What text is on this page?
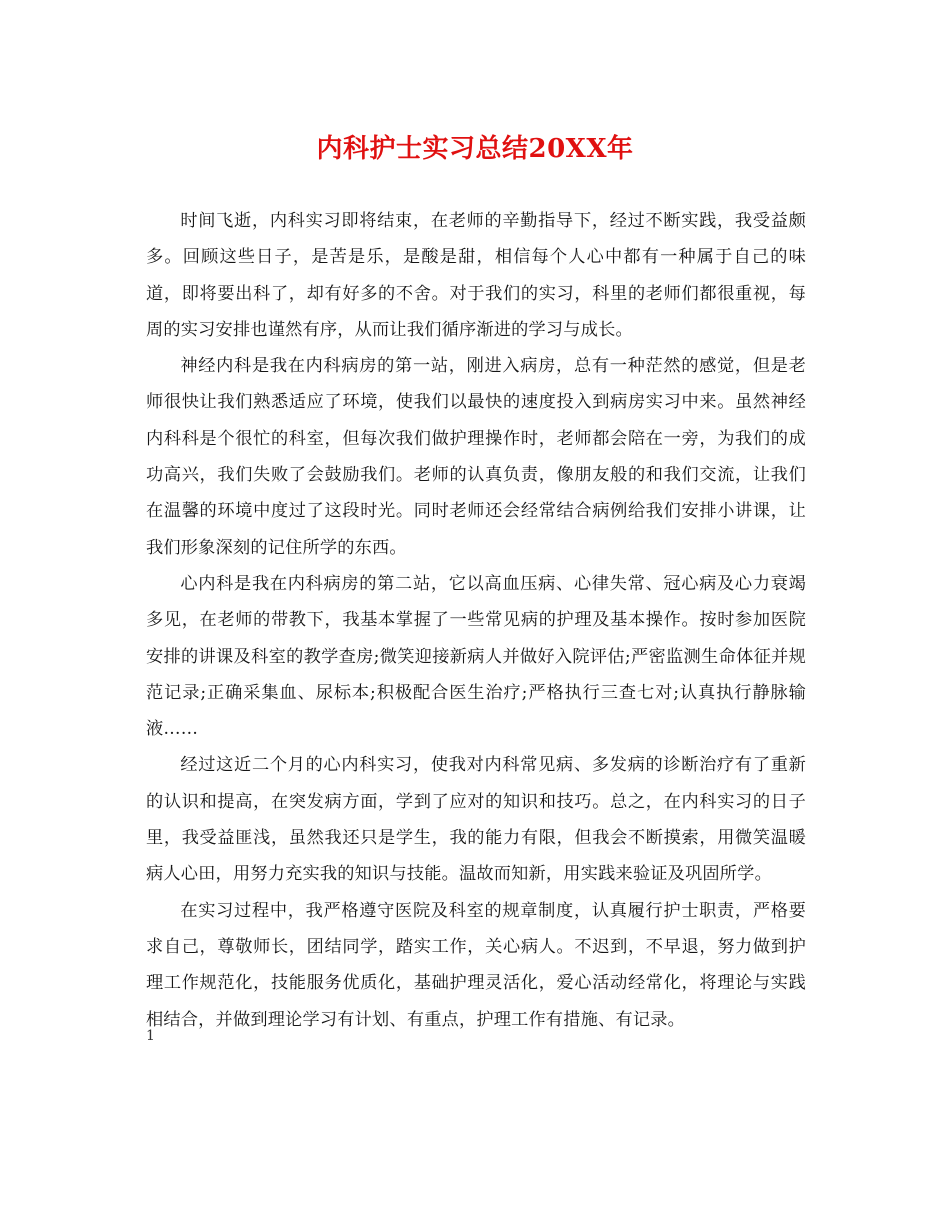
内科护士实习总结20XX年

时间飞逝，内科实习即将结束，在老师的辛勤指导下，经过不断实践，我受益颇多。回顾这些日子，是苦是乐，是酸是甜，相信每个人心中都有一种属于自己的味道，即将要出科了，却有好多的不舍。对于我们的实习，科里的老师们都很重视，每周的实习安排也谨然有序，从而让我们循序渐进的学习与成长。

神经内科是我在内科病房的第一站，刚进入病房，总有一种茫然的感觉，但是老师很快让我们熟悉适应了环境，使我们以最快的速度投入到病房实习中来。虽然神经内科科是个很忙的科室，但每次我们做护理操作时，老师都会陪在一旁，为我们的成功高兴，我们失败了会鼓励我们。老师的认真负责，像朋友般的和我们交流，让我们在温馨的环境中度过了这段时光。同时老师还会经常结合病例给我们安排小讲课，让我们形象深刻的记住所学的东西。

心内科是我在内科病房的第二站，它以高血压病、心律失常、冠心病及心力衰竭多见，在老师的带教下，我基本掌握了一些常见病的护理及基本操作。按时参加医院安排的讲课及科室的教学查房;微笑迎接新病人并做好入院评估;严密监测生命体征并规范记录;正确采集血、尿标本;积极配合医生治疗;严格执行三查七对;认真执行静脉输液……

经过这近二个月的心内科实习，使我对内科常见病、多发病的诊断治疗有了重新的认识和提高，在突发病方面，学到了应对的知识和技巧。总之，在内科实习的日子里，我受益匪浅，虽然我还只是学生，我的能力有限，但我会不断摸索，用微笑温暖病人心田，用努力充实我的知识与技能。温故而知新，用实践来验证及巩固所学。

在实习过程中，我严格遵守医院及科室的规章制度，认真履行护士职责，严格要求自己，尊敬师长，团结同学，踏实工作，关心病人。不迟到，不早退，努力做到护理工作规范化，技能服务优质化，基础护理灵活化，爱心活动经常化，将理论与实践相结合，并做到理论学习有计划、有重点，护理工作有措施、有记录。

1
